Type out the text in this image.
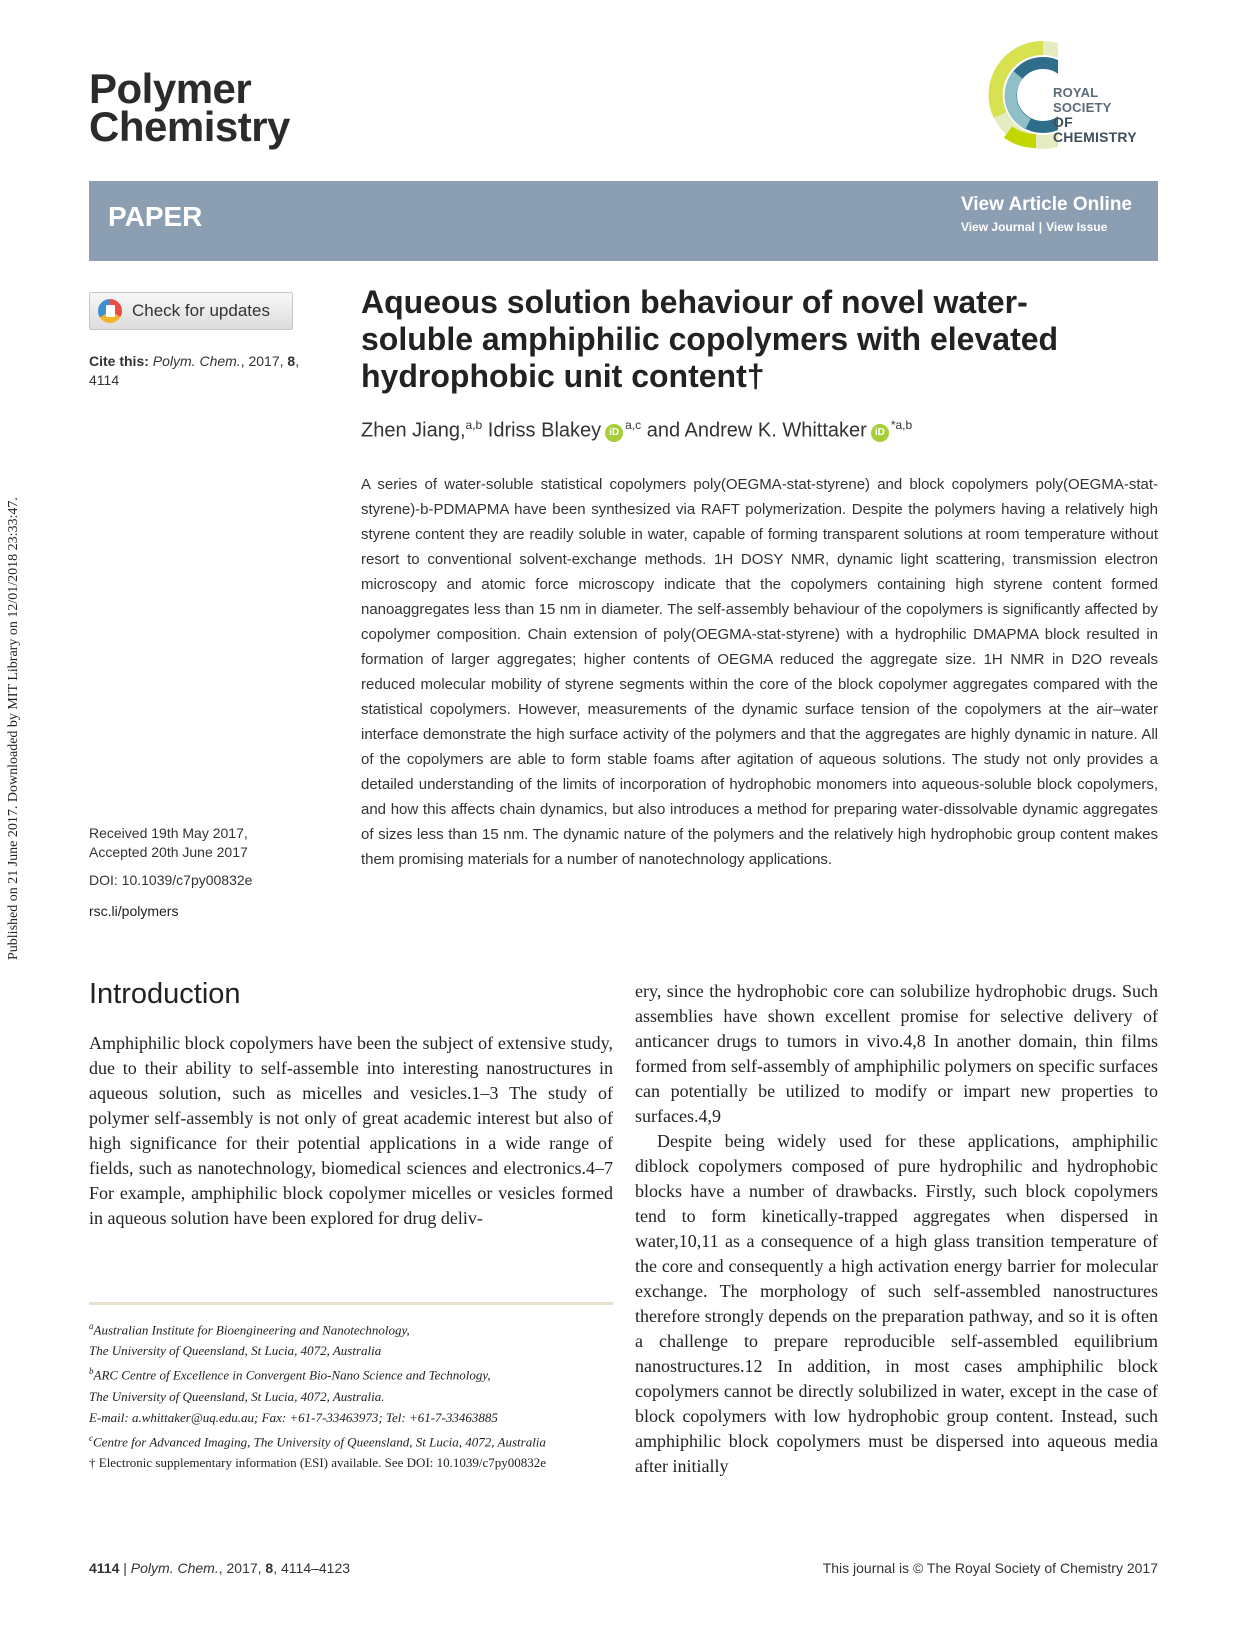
Published on 21 June 2017. Downloaded by MIT Library on 12/01/2018 23:33:47.
Polymer
Chemistry
ROYAL SOCIETY
OF CHEMISTRY
PAPER	View Article Online
View Journal | View Issue
Check for updates
Cite this: Polym. Chem., 2017, 8,
4114
Received 19th May 2017,
Accepted 20th June 2017
DOI: 10.1039/c7py00832e
rsc.li/polymers
Aqueous solution behaviour of novel water-soluble amphiphilic copolymers with elevated hydrophobic unit content†
Zhen Jiang,$^{a,b}$ Idriss Blakey iD$^{a,c}$ and Andrew K. Whittaker iD$^{*a,b}$

A series of water-soluble statistical copolymers poly(OEGMA-stat-styrene) and block copolymers poly(OEGMA-stat-styrene)-b-PDMAPMA have been synthesized via RAFT polymerization. Despite the polymers having a relatively high styrene content they are readily soluble in water, capable of forming transparent solutions at room temperature without resort to conventional solvent-exchange methods. 1H DOSY NMR, dynamic light scattering, transmission electron microscopy and atomic force microscopy indicate that the copolymers containing high styrene content formed nanoaggregates less than 15 nm in diameter. The self-assembly behaviour of the copolymers is significantly affected by copolymer composition. Chain extension of poly(OEGMA-stat-styrene) with a hydrophilic DMAPMA block resulted in formation of larger aggregates; higher contents of OEGMA reduced the aggregate size. 1H NMR in D2O reveals reduced molecular mobility of styrene segments within the core of the block copolymer aggregates compared with the statistical copolymers. However, measurements of the dynamic surface tension of the copolymers at the air–water interface demonstrate the high surface activity of the polymers and that the aggregates are highly dynamic in nature. All of the copolymers are able to form stable foams after agitation of aqueous solutions. The study not only provides a detailed understanding of the limits of incorporation of hydrophobic monomers into aqueous-soluble block copolymers, and how this affects chain dynamics, but also introduces a method for preparing water-dissolvable dynamic aggregates of sizes less than 15 nm. The dynamic nature of the polymers and the relatively high hydrophobic group content makes them promising materials for a number of nanotechnology applications.

Introduction

Amphiphilic block copolymers have been the subject of extensive study, due to their ability to self-assemble into interesting nanostructures in aqueous solution, such as micelles and vesicles.1–3 The study of polymer self-assembly is not only of great academic interest but also of high significance for their potential applications in a wide range of fields, such as nanotechnology, biomedical sciences and electronics.4–7 For example, amphiphilic block copolymer micelles or vesicles formed in aqueous solution have been explored for drug deliv-

ery, since the hydrophobic core can solubilize hydrophobic drugs. Such assemblies have shown excellent promise for selective delivery of anticancer drugs to tumors in vivo.4,8 In another domain, thin films formed from self-assembly of amphiphilic polymers on specific surfaces can potentially be utilized to modify or impart new properties to surfaces.4,9

Despite being widely used for these applications, amphiphilic diblock copolymers composed of pure hydrophilic and hydrophobic blocks have a number of drawbacks. Firstly, such block copolymers tend to form kinetically-trapped aggregates when dispersed in water,10,11 as a consequence of a high glass transition temperature of the core and consequently a high activation energy barrier for molecular exchange. The morphology of such self-assembled nanostructures therefore strongly depends on the preparation pathway, and so it is often a challenge to prepare reproducible self-assembled equilibrium nanostructures.12 In addition, in most cases amphiphilic block copolymers cannot be directly solubilized in water, except in the case of block copolymers with low hydrophobic group content. Instead, such amphiphilic block copolymers must be dispersed into aqueous media after initially

$^a$Australian Institute for Bioengineering and Nanotechnology,

The University of Queensland, St Lucia, 4072, Australia

$^b$ARC Centre of Excellence in Convergent Bio-Nano Science and Technology,

The University of Queensland, St Lucia, 4072, Australia.

E-mail: a.whittaker@uq.edu.au; Fax: +61-7-33463973; Tel: +61-7-33463885

$^c$Centre for Advanced Imaging, The University of Queensland, St Lucia, 4072, Australia

† Electronic supplementary information (ESI) available. See DOI: 10.1039/c7py00832e

4114 | Polym. Chem., 2017, 8, 4114–4123	This journal is © The Royal Society of Chemistry 2017
